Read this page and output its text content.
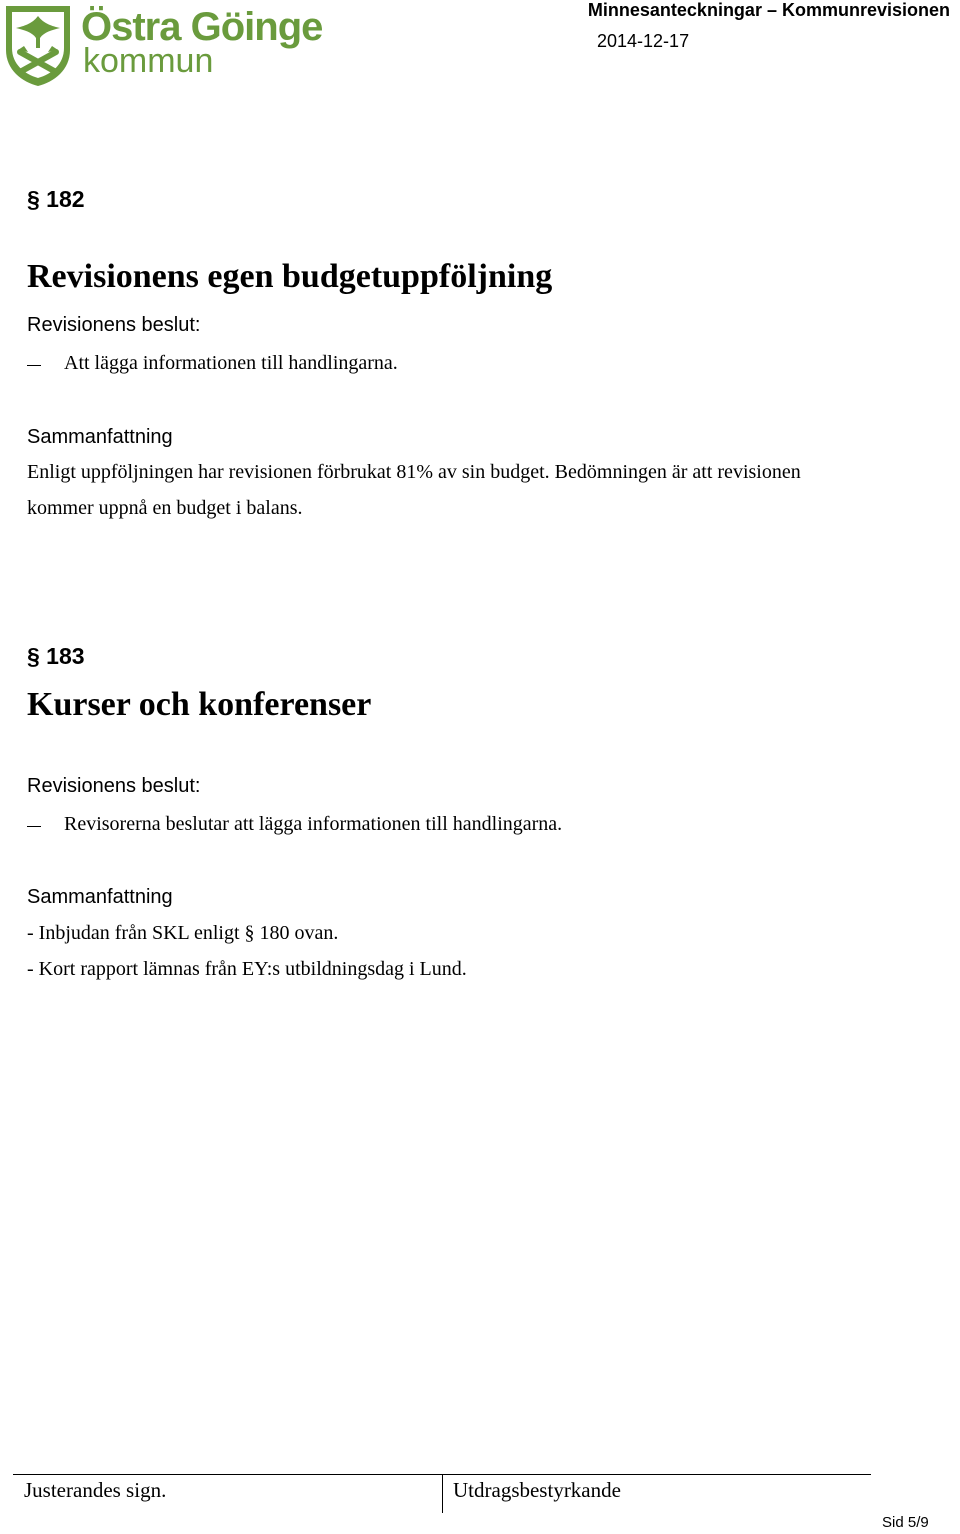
Östra Göinge
kommun
Minnesanteckningar – Kommunrevisionen
2014-12-17
§ 182
Revisionens egen budgetuppföljning
Revisionens beslut:
Att lägga informationen till handlingarna.
Sammanfattning
Enligt uppföljningen har revisionen förbrukat 81% av sin budget. Bedömningen är att revisionen
kommer uppnå en budget i balans.
§ 183
Kurser och konferenser
Revisionens beslut:
Revisorerna beslutar att lägga informationen till handlingarna.
Sammanfattning
- Inbjudan från SKL enligt § 180 ovan.
- Kort rapport lämnas från EY:s utbildningsdag i Lund.
Justerandes sign.	Utdragsbestyrkande
Sid 5/9
